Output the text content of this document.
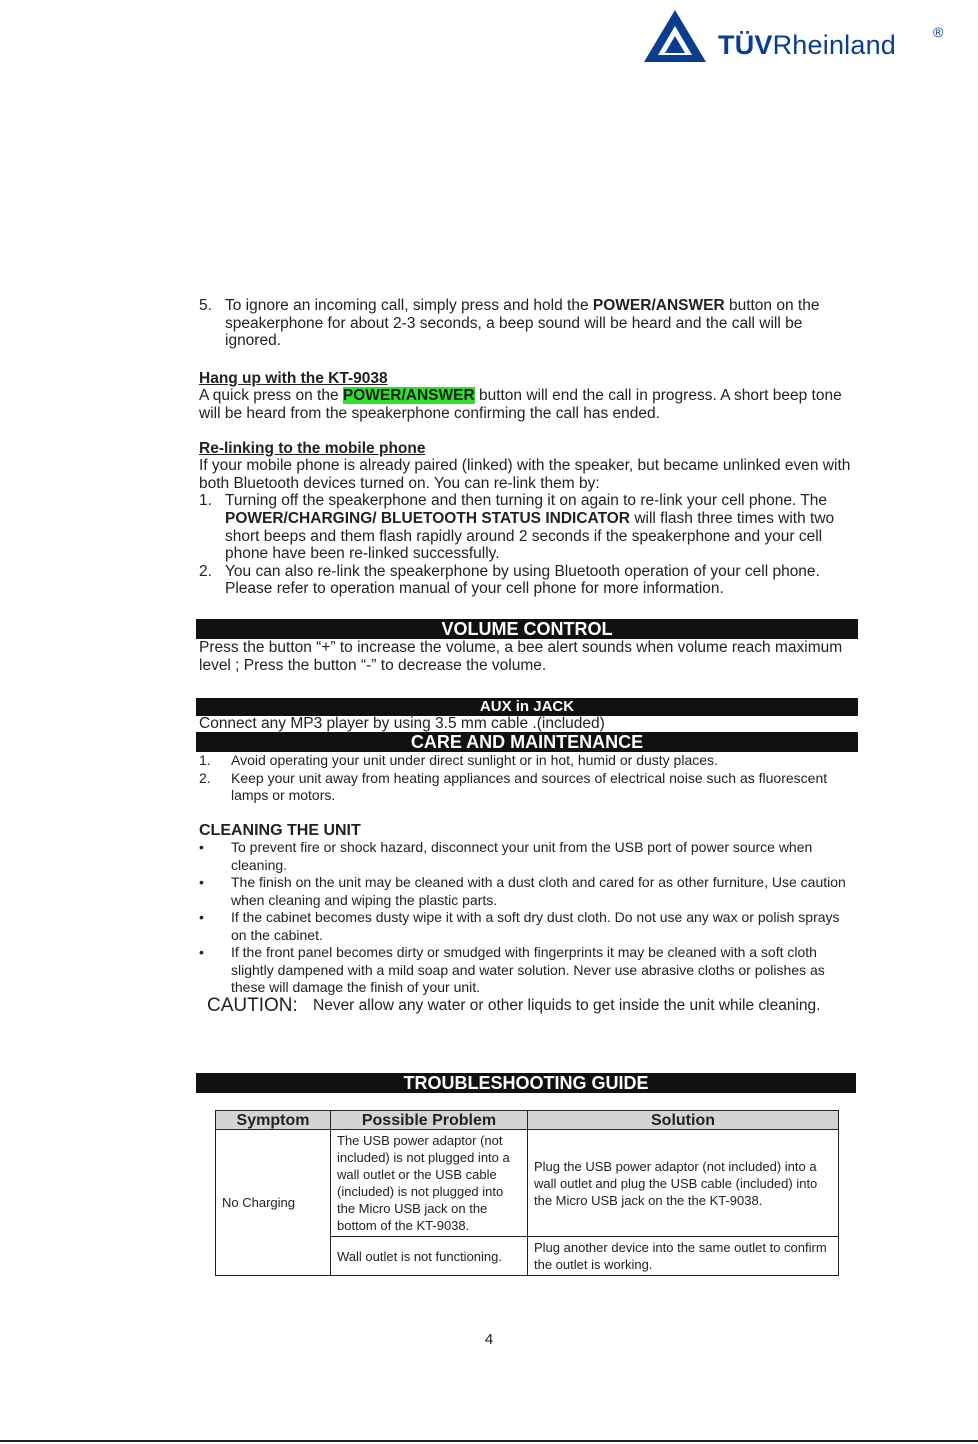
TÜVRheinland	®
5. To ignore an incoming call, simply press and hold the POWER/ANSWER button on the speakerphone for about 2-3 seconds, a beep sound will be heard and the call will be ignored.
Hang up with the KT-9038
A quick press on the POWER/ANSWER button will end the call in progress. A short beep tone will be heard from the speakerphone confirming the call has ended.
Re-linking to the mobile phone
If your mobile phone is already paired (linked) with the speaker, but became unlinked even with both Bluetooth devices turned on. You can re-link them by:
1. Turning off the speakerphone and then turning it on again to re-link your cell phone. The POWER/CHARGING/ BLUETOOTH STATUS INDICATOR will flash three times with two short beeps and them flash rapidly around 2 seconds if the speakerphone and your cell phone have been re-linked successfully.
2. You can also re-link the speakerphone by using Bluetooth operation of your cell phone. Please refer to operation manual of your cell phone for more information.
VOLUME CONTROL
Press the button “+” to increase the volume, a bee alert sounds when volume reach maximum level ; Press the button “-” to decrease the volume.
AUX in JACK
Connect any MP3 player by using 3.5 mm cable .(included)
CARE AND MAINTENANCE
1. Avoid operating your unit under direct sunlight or in hot, humid or dusty places.
2. Keep your unit away from heating appliances and sources of electrical noise such as fluorescent lamps or motors.
CLEANING THE UNIT
• To prevent fire or shock hazard, disconnect your unit from the USB port of power source when cleaning.
• The finish on the unit may be cleaned with a dust cloth and cared for as other furniture, Use caution when cleaning and wiping the plastic parts.
• If the cabinet becomes dusty wipe it with a soft dry dust cloth. Do not use any wax or polish sprays on the cabinet.
• If the front panel becomes dirty or smudged with fingerprints it may be cleaned with a soft cloth slightly dampened with a mild soap and water solution. Never use abrasive cloths or polishes as these will damage the finish of your unit.
CAUTION: Never allow any water or other liquids to get inside the unit while cleaning.
TROUBLESHOOTING GUIDE
Symptom	Possible Problem	Solution
No Charging	The USB power adaptor (not included) is not plugged into a wall outlet or the USB cable (included) is not plugged into the Micro USB jack on the bottom of the KT-9038.	Plug the USB power adaptor (not included) into a wall outlet and plug the USB cable (included) into the Micro USB jack on the the KT-9038.
	Wall outlet is not functioning.	Plug another device into the same outlet to confirm the outlet is working.
4
